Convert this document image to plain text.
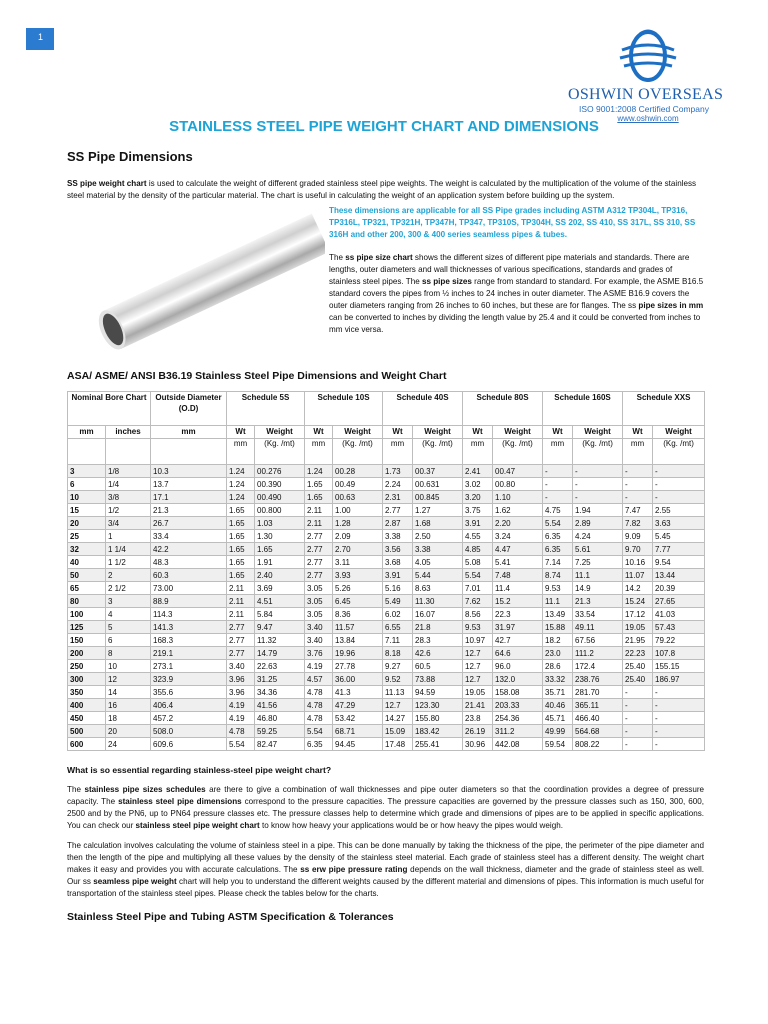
1
OSHWIN OVERSEAS
ISO 9001:2008 Certified Company
www.oshwin.com
STAINLESS STEEL PIPE WEIGHT CHART AND DIMENSIONS
SS Pipe Dimensions

SS pipe weight chart is used to calculate the weight of different graded stainless steel pipe weights. The weight is calculated by the multiplication of the volume of the stainless steel material by the density of the particular material. The chart is useful in calculating the weight of an application system before building up the system.

These dimensions are applicable for all SS Pipe grades including ASTM A312 TP304L, TP316, TP316L, TP321, TP321H, TP347H, TP347, TP310S, TP304H, SS 202, SS 410, SS 317L, SS 310, SS 316H and other 200, 300 & 400 series seamless pipes & tubes.

The ss pipe size chart shows the different sizes of different pipe materials and standards. There are lengths, outer diameters and wall thicknesses of various specifications, standards and grades of stainless steel pipes. The ss pipe sizes range from standard to standard. For example, the ASME B16.5 standard covers the pipes from ½ inches to 24 inches in outer diameter. The ASME B16.9 covers the outer diameters ranging from 26 inches to 60 inches, but these are for flanges. The ss pipe sizes in mm can be converted to inches by dividing the length value by 25.4 and it could be converted from inches to mm vice versa.

ASA/ ASME/ ANSI B36.19 Stainless Steel Pipe Dimensions and Weight Chart
Nominal Bore Chart		Outside Diameter (O.D)	Schedule 5S		Schedule 10S		Schedule 40S		Schedule 80S		Schedule 160S		Schedule XXS	
mm	inches	mm	Wt	Weight	Wt	Weight	Wt	Weight	Wt	Weight	Wt	Weight	Wt	Weight
			mm	(Kg. /mt)	mm	(Kg. /mt)	mm	(Kg. /mt)	mm	(Kg. /mt)	mm	(Kg. /mt)	mm	(Kg. /mt)
3	1/8	10.3	1.24	00.276	1.24	00.28	1.73	00.37	2.41	00.47	-	-	-	-
6	1/4	13.7	1.24	00.390	1.65	00.49	2.24	00.631	3.02	00.80	-	-	-	-
10	3/8	17.1	1.24	00.490	1.65	00.63	2.31	00.845	3.20	1.10	-	-	-	-
15	1/2	21.3	1.65	00.800	2.11	1.00	2.77	1.27	3.75	1.62	4.75	1.94	7.47	2.55
20	3/4	26.7	1.65	1.03	2.11	1.28	2.87	1.68	3.91	2.20	5.54	2.89	7.82	3.63
25	1	33.4	1.65	1.30	2.77	2.09	3.38	2.50	4.55	3.24	6.35	4.24	9.09	5.45
32	1 1/4	42.2	1.65	1.65	2.77	2.70	3.56	3.38	4.85	4.47	6.35	5.61	9.70	7.77
40	1 1/2	48.3	1.65	1.91	2.77	3.11	3.68	4.05	5.08	5.41	7.14	7.25	10.16	9.54
50	2	60.3	1.65	2.40	2.77	3.93	3.91	5.44	5.54	7.48	8.74	11.1	11.07	13.44
65	2 1/2	73.00	2.11	3.69	3.05	5.26	5.16	8.63	7.01	11.4	9.53	14.9	14.2	20.39
80	3	88.9	2.11	4.51	3.05	6.45	5.49	11.30	7.62	15.2	11.1	21.3	15.24	27.65
100	4	114.3	2.11	5.84	3.05	8.36	6.02	16.07	8.56	22.3	13.49	33.54	17.12	41.03
125	5	141.3	2.77	9.47	3.40	11.57	6.55	21.8	9.53	31.97	15.88	49.11	19.05	57.43
150	6	168.3	2.77	11.32	3.40	13.84	7.11	28.3	10.97	42.7	18.2	67.56	21.95	79.22
200	8	219.1	2.77	14.79	3.76	19.96	8.18	42.6	12.7	64.6	23.0	111.2	22.23	107.8
250	10	273.1	3.40	22.63	4.19	27.78	9.27	60.5	12.7	96.0	28.6	172.4	25.40	155.15
300	12	323.9	3.96	31.25	4.57	36.00	9.52	73.88	12.7	132.0	33.32	238.76	25.40	186.97
350	14	355.6	3.96	34.36	4.78	41.3	11.13	94.59	19.05	158.08	35.71	281.70	-	-
400	16	406.4	4.19	41.56	4.78	47.29	12.7	123.30	21.41	203.33	40.46	365.11	-	-
450	18	457.2	4.19	46.80	4.78	53.42	14.27	155.80	23.8	254.36	45.71	466.40	-	-
500	20	508.0	4.78	59.25	5.54	68.71	15.09	183.42	26.19	311.2	49.99	564.68	-	-
600	24	609.6	5.54	82.47	6.35	94.45	17.48	255.41	30.96	442.08	59.54	808.22	-	-
What is so essential regarding stainless-steel pipe weight chart?

The stainless pipe sizes schedules are there to give a combination of wall thicknesses and pipe outer diameters so that the coordination provides a degree of pressure capacity. The stainless steel pipe dimensions correspond to the pressure capacities. The pressure capacities are governed by the pressure classes such as 150, 300, 600, 2500 and by the PN6, up to PN64 pressure classes etc. The pressure classes help to determine which grade and dimensions of pipes are to be applied in specific applications. You can check our stainless steel pipe weight chart to know how heavy your applications would be or how heavy the pipes would weigh.

The calculation involves calculating the volume of stainless steel in a pipe. This can be done manually by taking the thickness of the pipe, the perimeter of the pipe diameter and then the length of the pipe and multiplying all these values by the density of the stainless steel material. Each grade of stainless steel has a different density. The weight chart makes it easy and provides you with accurate calculations. The ss erw pipe pressure rating depends on the wall thickness, diameter and the grade of stainless steel as well. Our ss seamless pipe weight chart will help you to understand the different weights caused by the different material and dimensions of pipes. This information is much useful for transportation of the stainless steel pipes. Please check the tables below for the charts.

Stainless Steel Pipe and Tubing ASTM Specification & Tolerances
